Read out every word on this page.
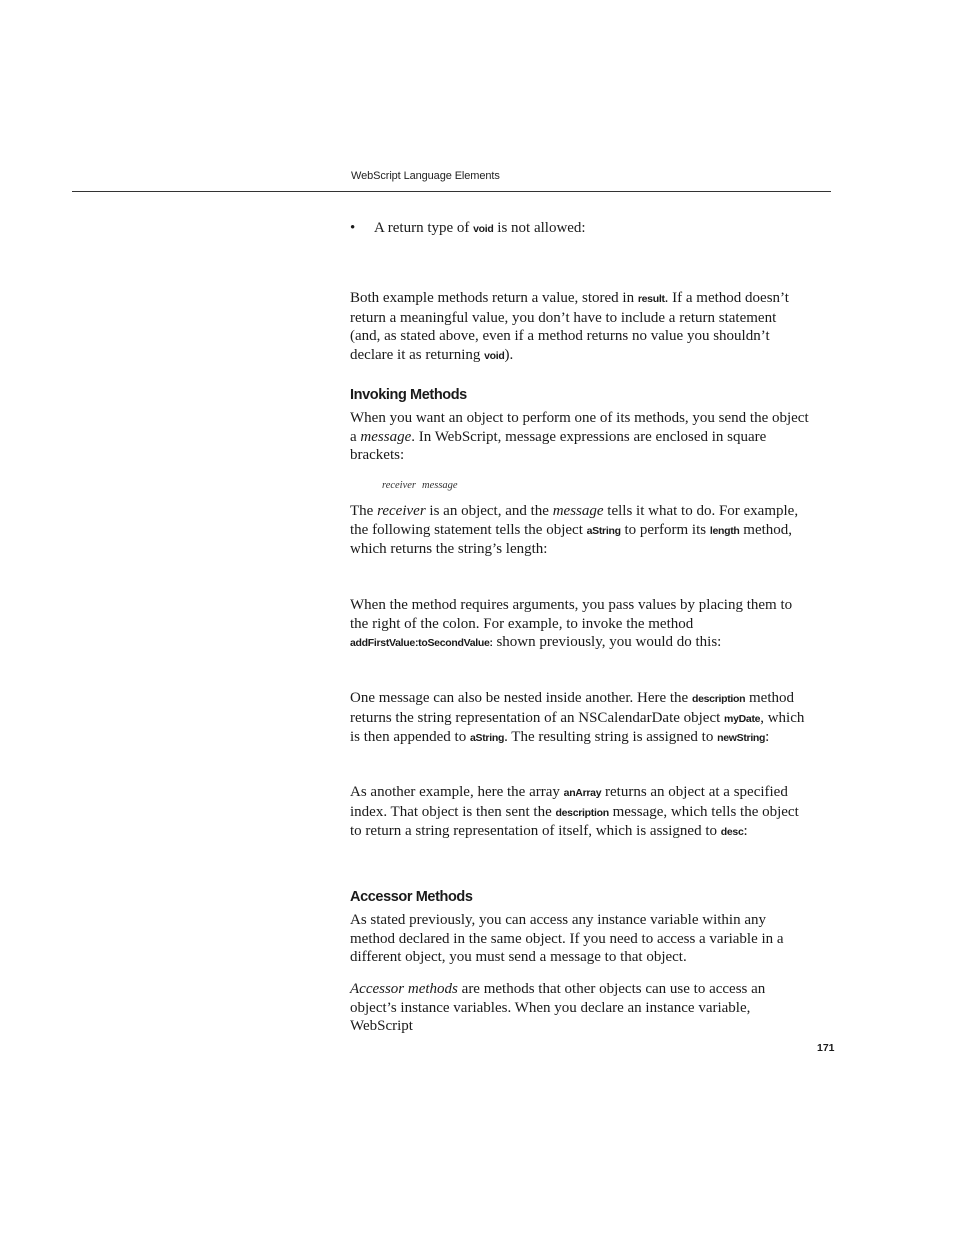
WebScript Language Elements
• A return type of void is not allowed:

Both example methods return a value, stored in result. If a method doesn’t return a meaningful value, you don’t have to include a return statement (and, as stated above, even if a method returns no value you shouldn’t declare it as returning void).

Invoking Methods

When you want an object to perform one of its methods, you send the object a message. In WebScript, message expressions are enclosed in square brackets:

receiver message

The receiver is an object, and the message tells it what to do. For example, the following statement tells the object aString to perform its length method, which returns the string’s length:

When the method requires arguments, you pass values by placing them to the right of the colon. For example, to invoke the method addFirstValue:toSecondValue: shown previously, you would do this:

One message can also be nested inside another. Here the description method returns the string representation of an NSCalendarDate object myDate, which is then appended to aString. The resulting string is assigned to newString:

As another example, here the array anArray returns an object at a specified index. That object is then sent the description message, which tells the object to return a string representation of itself, which is assigned to desc:

Accessor Methods

As stated previously, you can access any instance variable within any method declared in the same object. If you need to access a variable in a different object, you must send a message to that object.

Accessor methods are methods that other objects can use to access an object’s instance variables. When you declare an instance variable, WebScript

171
